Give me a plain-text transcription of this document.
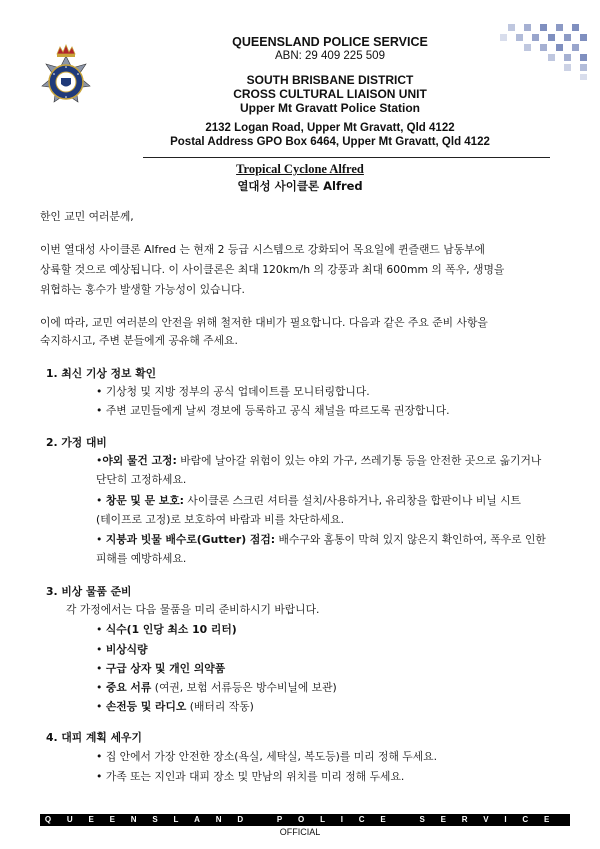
QUEENSLAND POLICE SERVICE
ABN: 29 409 225 509
SOUTH BRISBANE DISTRICT
CROSS CULTURAL LIAISON UNIT
Upper Mt Gravatt Police Station
2132 Logan Road, Upper Mt Gravatt, Qld 4122
Postal Address GPO Box 6464, Upper Mt Gravatt, Qld 4122
Tropical Cyclone Alfred
열대성 사이클론 Alfred
한인 교민 여러분께,
이번 열대성 사이클론 Alfred 는 현재 2 등급 시스템으로 강화되어 목요일에 퀸즐랜드 남동부에
상륙할 것으로 예상됩니다. 이 사이클론은 최대 120km/h 의 강풍과 최대 600mm 의 폭우, 생명을
위협하는 홍수가 발생할 가능성이 있습니다.
이에 따라, 교민 여러분의 안전을 위해 철저한 대비가 필요합니다. 다음과 같은 주요 준비 사항을
숙지하시고, 주변 분들에게 공유해 주세요.
1. 최신 기상 정보 확인
• 기상청 및 지방 정부의 공식 업데이트를 모니터링합니다.
• 주변 교민들에게 날씨 경보에 등록하고 공식 채널을 따르도록 권장합니다.
2. 가정 대비
•야외 물건 고정: 바람에 날아갈 위험이 있는 야외 가구, 쓰레기통 등을 안전한 곳으로 옮기거나
단단히 고정하세요.
• 창문 및 문 보호: 사이클론 스크린 셔터를 설치/사용하거나, 유리창을 합판이나 비닐 시트
(테이프로 고정)로 보호하여 바람과 비를 차단하세요.
• 지붕과 빗물 배수로(Gutter) 점검: 배수구와 홈통이 막혀 있지 않은지 확인하여, 폭우로 인한
피해를 예방하세요.
3. 비상 물품 준비
각 가정에서는 다음 물품을 미리 준비하시기 바랍니다.
• 식수(1 인당 최소 10 리터)
• 비상식량
• 구급 상자 및 개인 의약품
• 중요 서류 (여권, 보험 서류등은 방수비닐에 보관)
• 손전등 및 라디오 (배터리 작동)
4. 대피 계획 세우기
• 집 안에서 가장 안전한 장소(욕실, 세탁실, 복도등)를 미리 정해 두세요.
• 가족 또는 지인과 대피 장소 및 만남의 위치를 미리 정해 두세요.
QUEENSLAND POLICE SERVICE
OFFICIAL
